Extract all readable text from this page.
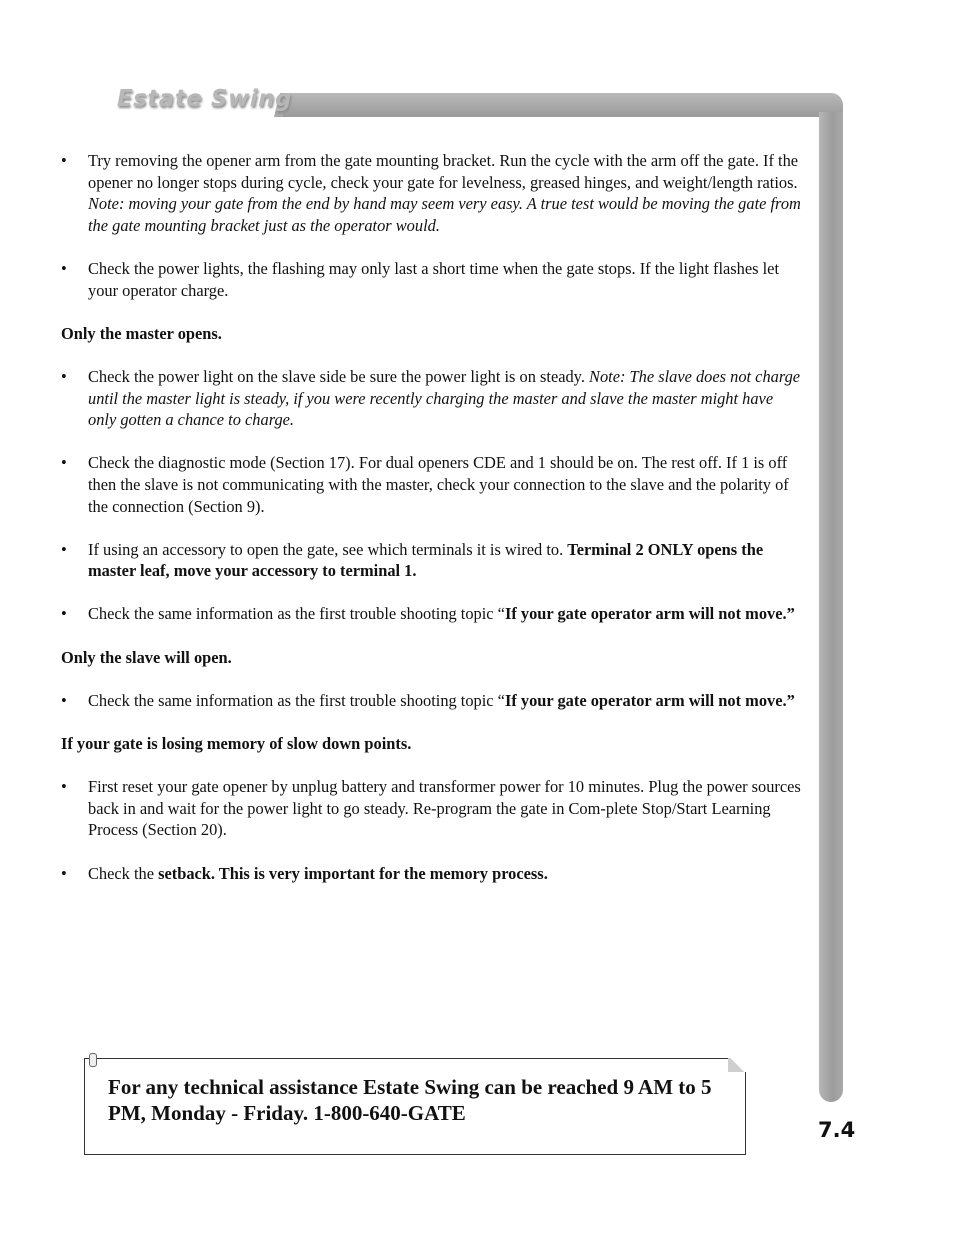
Estate Swing

• Try removing the opener arm from the gate mounting bracket. Run the cycle with the arm off the gate. If the opener no longer stops during cycle, check your gate for levelness, greased hinges, and weight/length ratios. Note: moving your gate from the end by hand may seem very easy. A true test would be moving the gate from the gate mounting bracket just as the operator would.

• Check the power lights, the flashing may only last a short time when the gate stops. If the light flashes let your operator charge.

Only the master opens.

• Check the power light on the slave side be sure the power light is on steady. Note: The slave does not charge until the master light is steady, if you were recently charging the master and slave the master might have only gotten a chance to charge.

• Check the diagnostic mode (Section 17). For dual openers CDE and 1 should be on. The rest off. If 1 is off then the slave is not communicating with the master, check your connection to the slave and the polarity of the connection (Section 9).

• If using an accessory to open the gate, see which terminals it is wired to. Terminal 2 ONLY opens the master leaf, move your accessory to terminal 1.

• Check the same information as the first trouble shooting topic “If your gate operator arm will not move.”

Only the slave will open.

• Check the same information as the first trouble shooting topic “If your gate operator arm will not move.”

If your gate is losing memory of slow down points.

• First reset your gate opener by unplug battery and transformer power for 10 minutes. Plug the power sources back in and wait for the power light to go steady. Re-program the gate in Com-plete Stop/Start Learning Process (Section 20).

• Check the setback. This is very important for the memory process.

For any technical assistance Estate Swing can be reached 9 AM to 5 PM, Monday - Friday. 1-800-640-GATE
7.4
